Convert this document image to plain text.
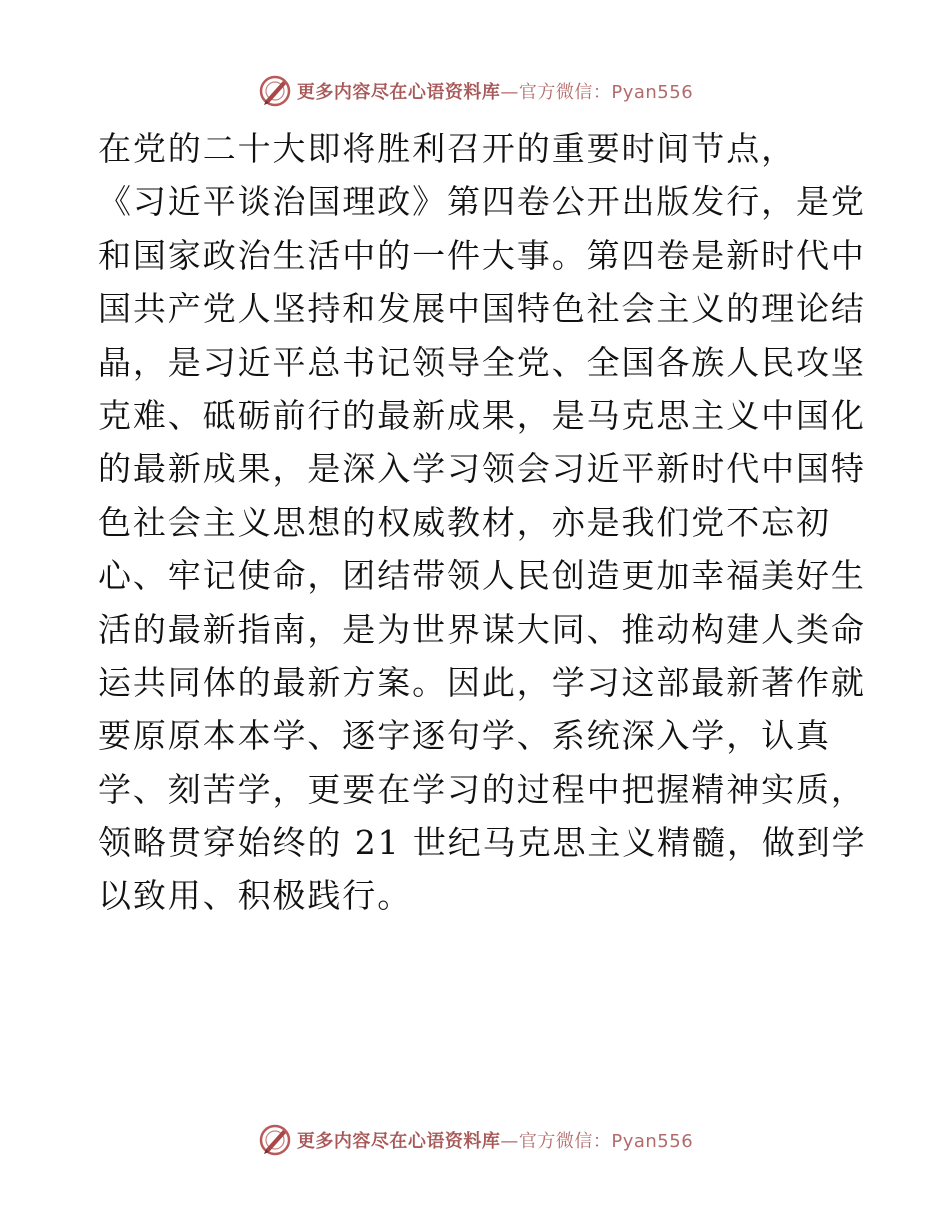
更多内容尽在心语资料库—官方微信：Pyan556
在党的二十大即将胜利召开的重要时间节点，
《习近平谈治国理政》第四卷公开出版发行，是党
和国家政治生活中的一件大事。第四卷是新时代中
国共产党人坚持和发展中国特色社会主义的理论结
晶，是习近平总书记领导全党、全国各族人民攻坚
克难、砥砺前行的最新成果，是马克思主义中国化
的最新成果，是深入学习领会习近平新时代中国特
色社会主义思想的权威教材，亦是我们党不忘初
心、牢记使命，团结带领人民创造更加幸福美好生
活的最新指南，是为世界谋大同、推动构建人类命
运共同体的最新方案。因此，学习这部最新著作就
要原原本本学、逐字逐句学、系统深入学，认真
学、刻苦学，更要在学习的过程中把握精神实质，
领略贯穿始终的 21 世纪马克思主义精髓，做到学
以致用、积极践行。
更多内容尽在心语资料库—官方微信：Pyan556
